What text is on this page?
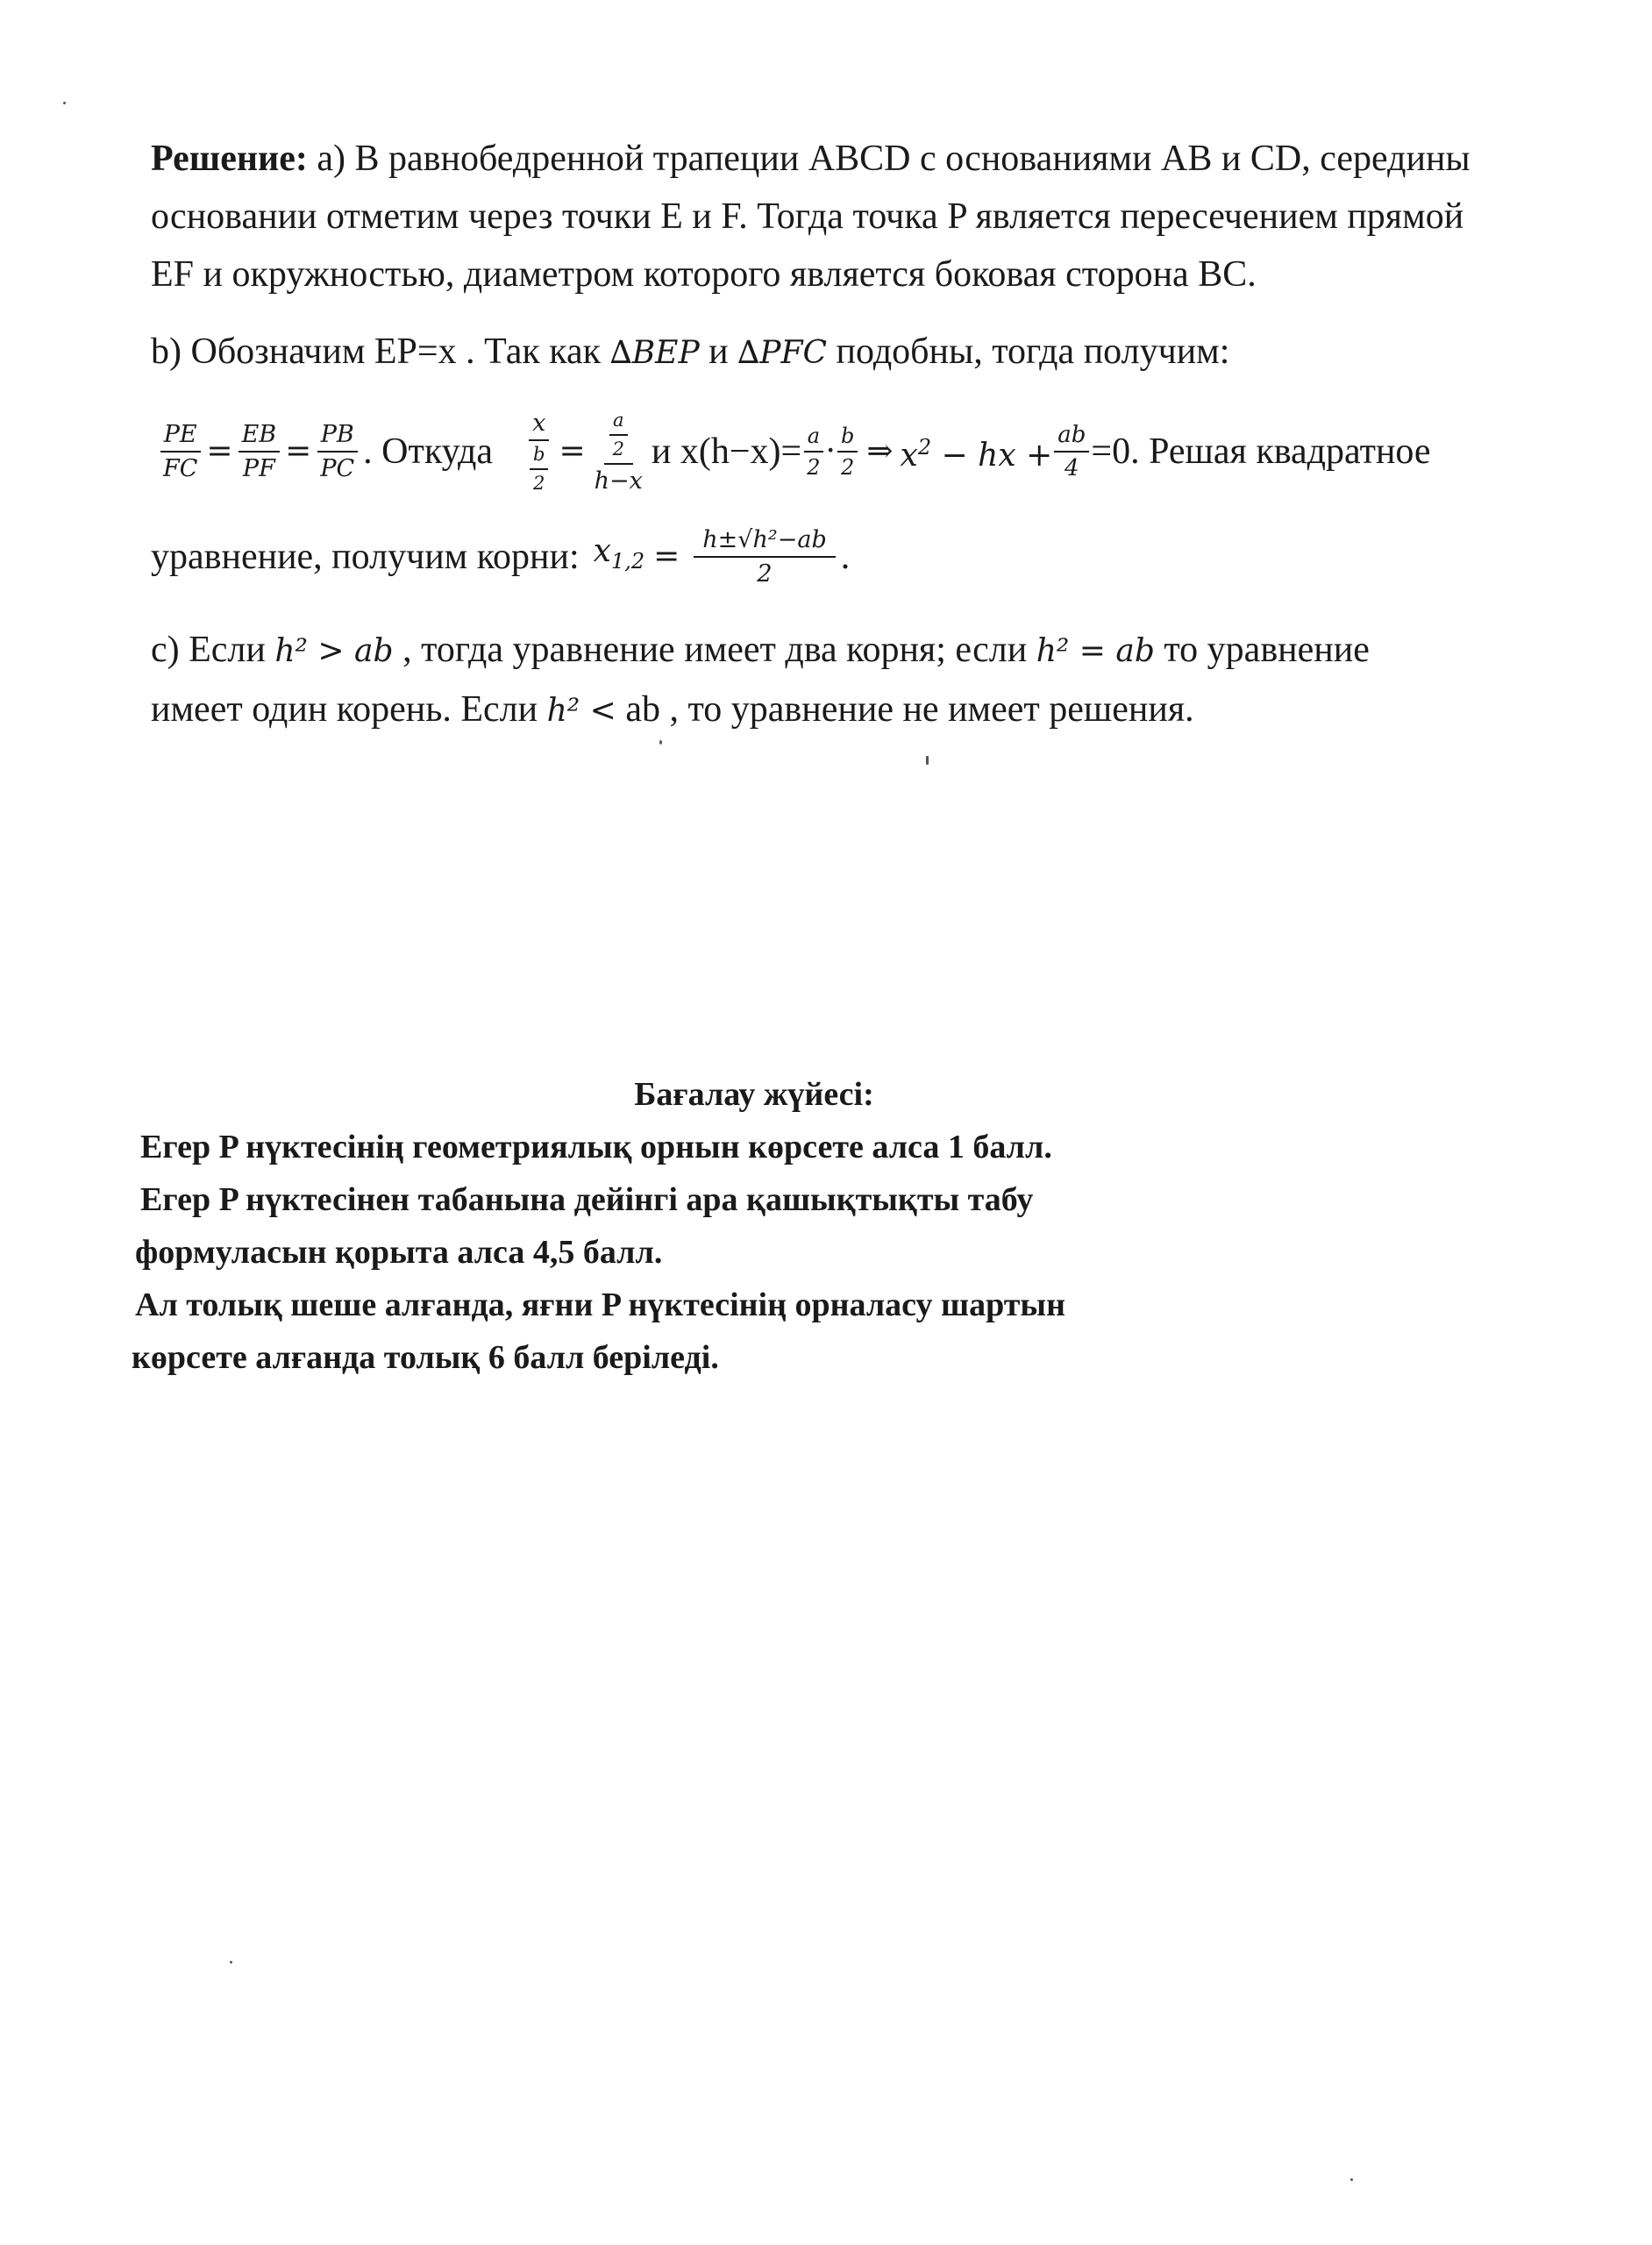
Решение: а) В равнобедренной трапеции ABCD с основаниями AB и CD, середины

основании отметим через точки E и F. Тогда точка P является пересечением прямой

EF и окружностью, диаметром которого является боковая сторона BC.

b) Обозначим EP=x . Так как ∆BEP и ∆PFC подобны, тогда получим:

$\frac{PE}{FC} = \frac{EB}{PF} = \frac{PB}{PC}$ . Откуда $\frac{x}{\frac{b}{2}} = \frac{\frac{a}{2}}{h-x}$ и $x(h-x)= \frac{a}{2} \cdot \frac{b}{2}$ ⇒ $x^2$ − hx + $\frac{ab}{4} =0$. Решая квадратное
уравнение, получим корни: $x_{1,2} = \frac{\text{h±√h²−ab}}{2}$ .

c) Если h² > ab , тогда уравнение имеет два корня; если h² = ab то уравнение

имеет один корень. Если h² < ab , то уравнение не имеет решения.

Бағалау жүйесі:
Егер P нүктесінің геометриялық орнын көрсете алса 1 балл.
Егер P нүктесінен табанына дейінгі ара қашықтықты табу
формуласын қорыта алса 4,5 балл.
Ал толық шеше алғанда, яғни P нүктесінің орналасу шартын
көрсете алғанда толық 6 балл беріледі.
